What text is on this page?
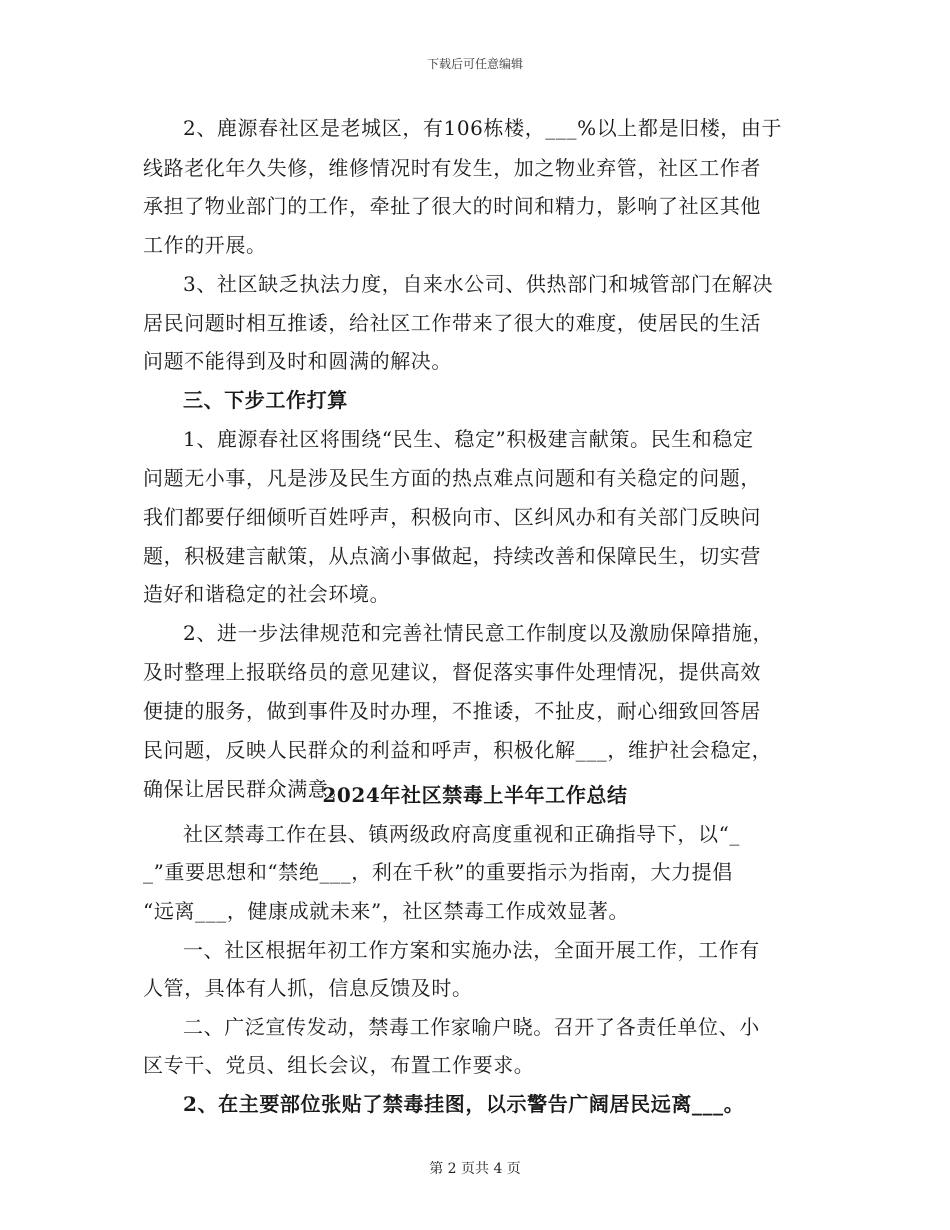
下载后可任意编辑
2、鹿源春社区是老城区，有106栋楼，___%以上都是旧楼，由于
线路老化年久失修，维修情况时有发生，加之物业弃管，社区工作者
承担了物业部门的工作，牵扯了很大的时间和精力，影响了社区其他
工作的开展。
3、社区缺乏执法力度，自来水公司、供热部门和城管部门在解决
居民问题时相互推诿，给社区工作带来了很大的难度，使居民的生活
问题不能得到及时和圆满的解决。
三、下步工作打算
1、鹿源春社区将围绕“民生、稳定”积极建言献策。民生和稳定
问题无小事，凡是涉及民生方面的热点难点问题和有关稳定的问题，
我们都要仔细倾听百姓呼声，积极向市、区纠风办和有关部门反映问
题，积极建言献策，从点滴小事做起，持续改善和保障民生，切实营
造好和谐稳定的社会环境。
2、进一步法律规范和完善社情民意工作制度以及激励保障措施，
及时整理上报联络员的意见建议，督促落实事件处理情况，提供高效
便捷的服务，做到事件及时办理，不推诿，不扯皮，耐心细致回答居
民问题，反映人民群众的利益和呼声，积极化解___，维护社会稳定，
确保让居民群众满意。
2024年社区禁毒上半年工作总结
社区禁毒工作在县、镇两级政府高度重视和正确指导下，以“_
_”重要思想和“禁绝___，利在千秋”的重要指示为指南，大力提倡
“远离___，健康成就未来”，社区禁毒工作成效显著。
一、社区根据年初工作方案和实施办法，全面开展工作，工作有
人管，具体有人抓，信息反馈及时。
二、广泛宣传发动，禁毒工作家喻户晓。召开了各责任单位、小
区专干、党员、组长会议，布置工作要求。
2、在主要部位张贴了禁毒挂图，以示警告广阔居民远离___。
第 2 页共 4 页
